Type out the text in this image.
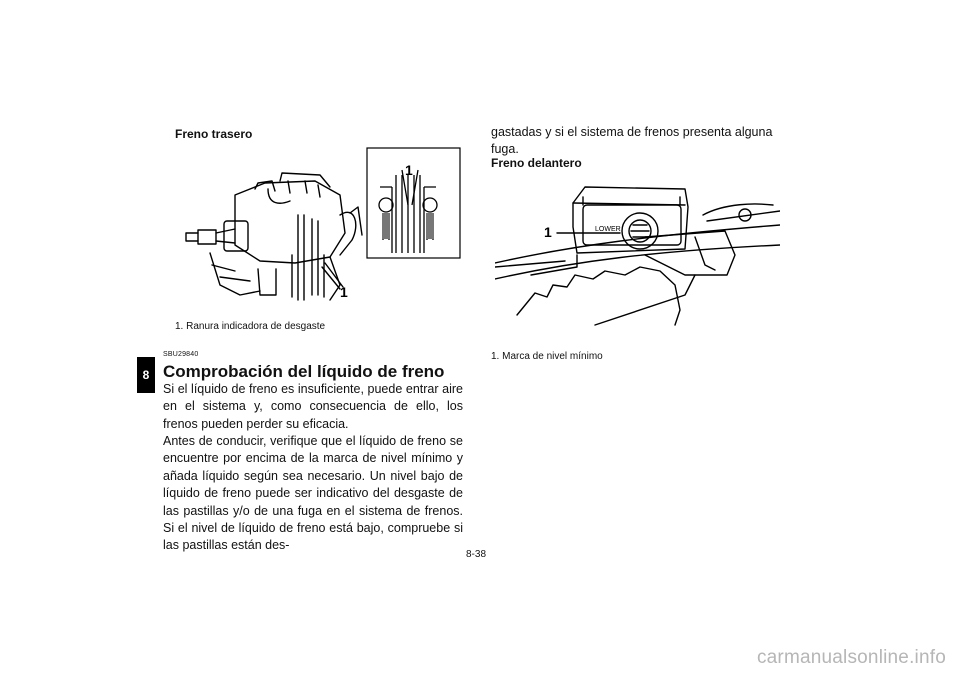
8
Freno trasero
1
1
1. Ranura indicadora de desgaste
SBU29840
Comprobación del líquido de freno

Si el líquido de freno es insuficiente, puede entrar aire en el sistema y, como consecuencia de ello, los frenos pueden perder su eficacia.

Antes de conducir, verifique que el líquido de freno se encuentre por encima de la marca de nivel mínimo y añada líquido según sea necesario. Un nivel bajo de líquido de freno puede ser indicativo del desgaste de las pastillas y/o de una fuga en el sistema de frenos. Si el nivel de líquido de freno está bajo, compruebe si las pastillas están des-

gastadas y si el sistema de frenos presenta alguna fuga.

Freno delantero
LOWER
1
1. Marca de nivel mínimo
8-38
carmanualsonline.info
